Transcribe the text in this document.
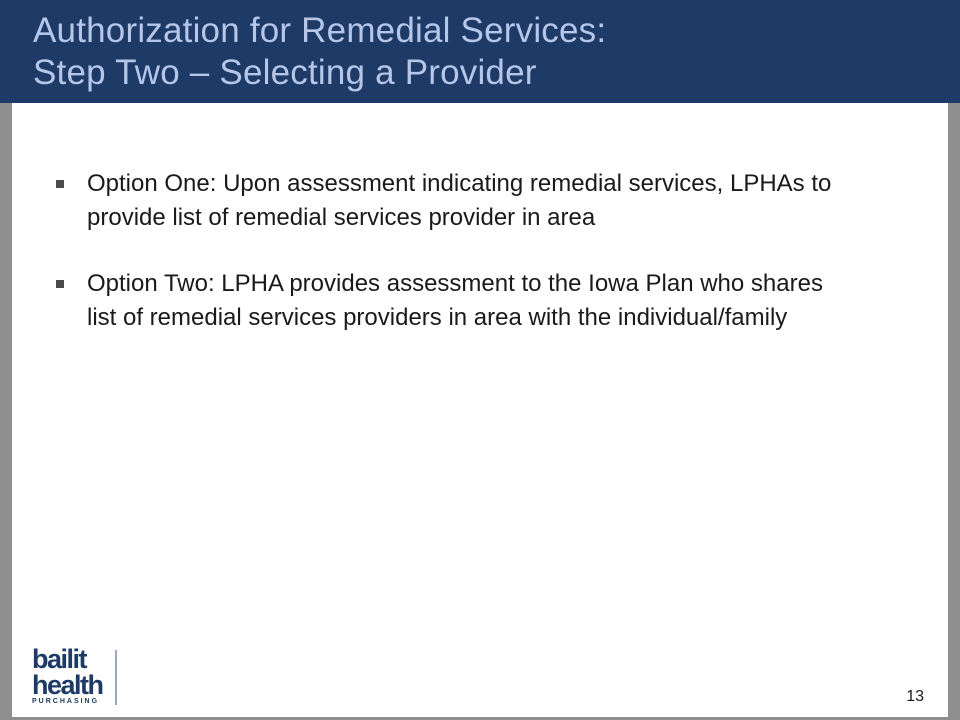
Authorization for Remedial Services:
Step Two – Selecting a Provider
Option One: Upon assessment indicating remedial services, LPHAs to provide list of remedial services provider in area
Option Two: LPHA provides assessment to the Iowa Plan who shares list of remedial services providers in area with the individual/family
bailit
health
PURCHASING	13
